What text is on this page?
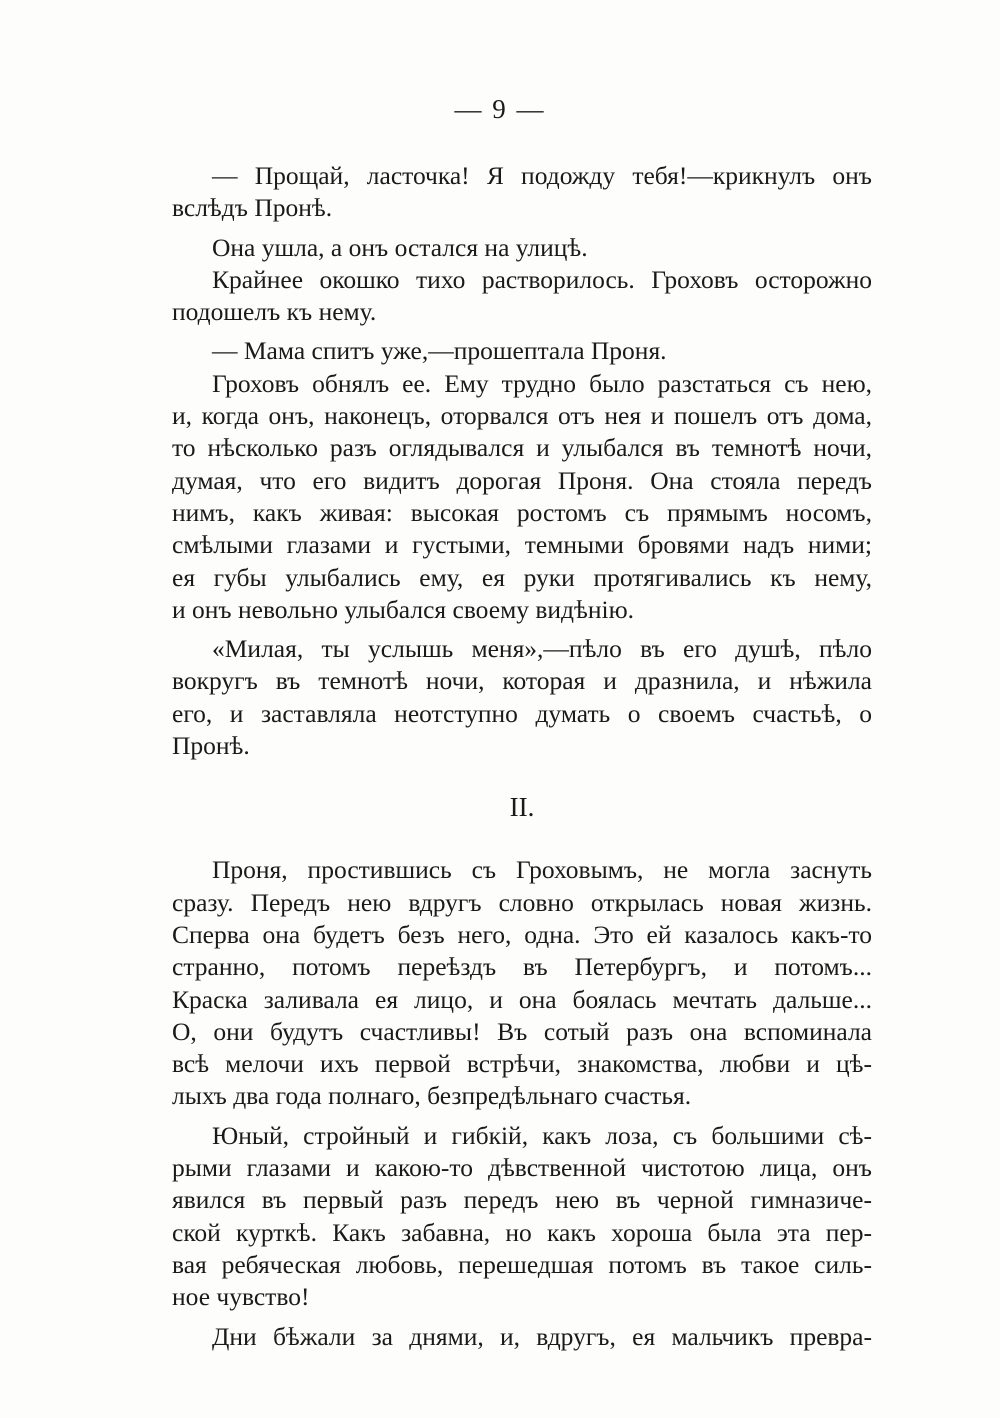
— 9 —
— Прощай, ласточка! Я подожду тебя!—крикнулъ онъ
вслѣдъ Пронѣ.
Она ушла, а онъ остался на улицѣ.
Крайнее окошко тихо растворилось. Гроховъ осторожно
подошелъ къ нему.
— Мама спитъ уже,—прошептала Проня.
Гроховъ обнялъ ее. Ему трудно было разстаться съ нею,
и, когда онъ, наконецъ, оторвался отъ нея и пошелъ отъ дома,
то нѣсколько разъ оглядывался и улыбался въ темнотѣ ночи,
думая, что его видитъ дорогая Проня. Она стояла передъ
нимъ, какъ живая: высокая ростомъ съ прямымъ носомъ,
смѣлыми глазами и густыми, темными бровями надъ ними;
ея губы улыбались ему, ея руки протягивались къ нему,
и онъ невольно улыбался своему видѣнію.
«Милая, ты услышь меня»,—пѣло въ его душѣ, пѣло
вокругъ въ темнотѣ ночи, которая и дразнила, и нѣжила
его, и заставляла неотступно думать о своемъ счастьѣ, о
Пронѣ.
II.
Проня, простившись съ Гроховымъ, не могла заснуть
сразу. Передъ нею вдругъ словно открылась новая жизнь.
Сперва она будетъ безъ него, одна. Это ей казалось какъ-то
странно, потомъ переѣздъ въ Петербургъ, и потомъ...
Краска заливала ея лицо, и она боялась мечтать дальше...
О, они будутъ счастливы! Въ сотый разъ она вспоминала
всѣ мелочи ихъ первой встрѣчи, знакомства, любви и цѣ-
лыхъ два года полнаго, безпредѣльнаго счастья.
Юный, стройный и гибкій, какъ лоза, съ большими сѣ-
рыми глазами и какою-то дѣвственной чистотою лица, онъ
явился въ первый разъ передъ нею въ черной гимназиче-
ской курткѣ. Какъ забавна, но какъ хороша была эта пер-
вая ребяческая любовь, перешедшая потомъ въ такое силь-
ное чувство!
Дни бѣжали за днями, и, вдругъ, ея мальчикъ превра-
